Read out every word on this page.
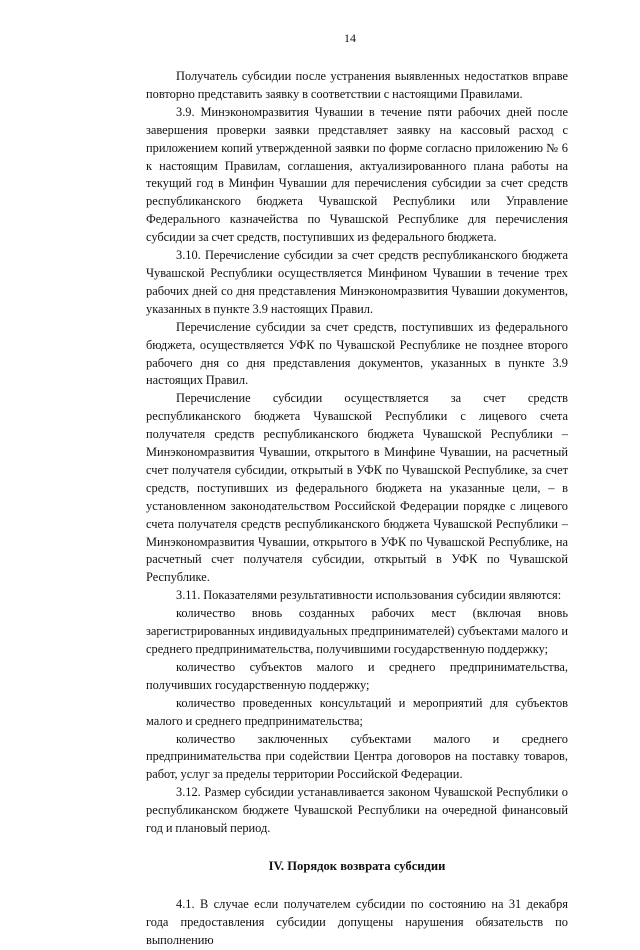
14

Получатель субсидии после устранения выявленных недостатков вправе повторно представить заявку в соответствии с настоящими Правилами.

3.9. Минэкономразвития Чувашии в течение пяти рабочих дней после завершения проверки заявки представляет заявку на кассовый расход с приложением копий утвержденной заявки по форме согласно приложению № 6 к настоящим Правилам, соглашения, актуализированного плана работы на текущий год в Минфин Чувашии для перечисления субсидии за счет средств республиканского бюджета Чувашской Республики или Управление Федерального казначейства по Чувашской Республике для перечисления субсидии за счет средств, поступивших из федерального бюджета.

3.10. Перечисление субсидии за счет средств республиканского бюджета Чувашской Республики осуществляется Минфином Чувашии в течение трех рабочих дней со дня представления Минэкономразвития Чувашии документов, указанных в пункте 3.9 настоящих Правил.

Перечисление субсидии за счет средств, поступивших из федерального бюджета, осуществляется УФК по Чувашской Республике не позднее второго рабочего дня со дня представления документов, указанных в пункте 3.9 настоящих Правил.

Перечисление субсидии осуществляется за счет средств республиканского бюджета Чувашской Республики с лицевого счета получателя средств республиканского бюджета Чувашской Республики – Минэкономразвития Чувашии, открытого в Минфине Чувашии, на расчетный счет получателя субсидии, открытый в УФК по Чувашской Республике, за счет средств, поступивших из федерального бюджета на указанные цели, – в установленном законодательством Российской Федерации порядке с лицевого счета получателя средств республиканского бюджета Чувашской Республики – Минэкономразвития Чувашии, открытого в УФК по Чувашской Республике, на расчетный счет получателя субсидии, открытый в УФК по Чувашской Республике.

3.11. Показателями результативности использования субсидии являются:

количество вновь созданных рабочих мест (включая вновь зарегистрированных индивидуальных предпринимателей) субъектами малого и среднего предпринимательства, получившими государственную поддержку;

количество субъектов малого и среднего предпринимательства, получивших государственную поддержку;

количество проведенных консультаций и мероприятий для субъектов малого и среднего предпринимательства;

количество заключенных субъектами малого и среднего предпринимательства при содействии Центра договоров на поставку товаров, работ, услуг за пределы территории Российской Федерации.

3.12. Размер субсидии устанавливается законом Чувашской Республики о республиканском бюджете Чувашской Республики на очередной финансовый год и плановый период.

IV. Порядок возврата субсидии

4.1. В случае если получателем субсидии по состоянию на 31 декабря года предоставления субсидии допущены нарушения обязательств по выполнению
